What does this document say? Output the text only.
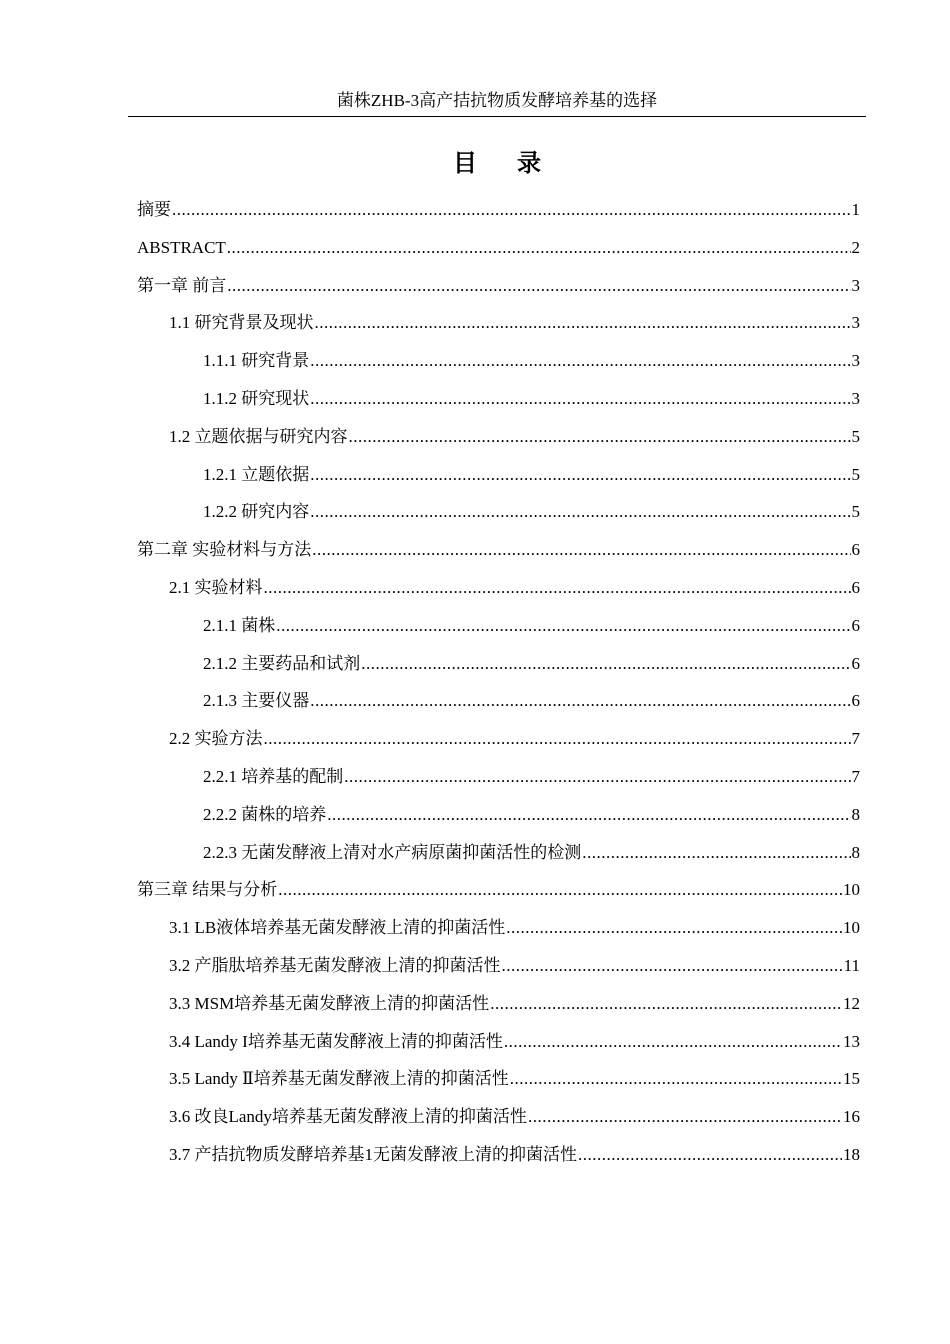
菌株ZHB-3高产拮抗物质发酵培养基的选择
目录
摘要 .....	1
ABSTRACT .....	2
第一章 前言 .....	3
1.1 研究背景及现状 .....	3
1.1.1 研究背景 .....	3
1.1.2 研究现状 .....	3
1.2 立题依据与研究内容 .....	5
1.2.1 立题依据 .....	5
1.2.2 研究内容 .....	5
第二章 实验材料与方法 .....	6
2.1 实验材料 .....	6
2.1.1 菌株 .....	6
2.1.2 主要药品和试剂 .....	6
2.1.3 主要仪器 .....	6
2.2 实验方法 .....	7
2.2.1 培养基的配制 .....	7
2.2.2 菌株的培养 .....	8
2.2.3 无菌发酵液上清对水产病原菌抑菌活性的检测 .....	8
第三章 结果与分析 .....	10
3.1 LB液体培养基无菌发酵液上清的抑菌活性 .....	10
3.2 产脂肽培养基无菌发酵液上清的抑菌活性 .....	11
3.3 MSM培养基无菌发酵液上清的抑菌活性 .....	12
3.4 Landy I培养基无菌发酵液上清的抑菌活性 .....	13
3.5 Landy Ⅱ培养基无菌发酵液上清的抑菌活性 .....	15
3.6 改良Landy培养基无菌发酵液上清的抑菌活性 .....	16
3.7 产拮抗物质发酵培养基1无菌发酵液上清的抑菌活性 .....	18
